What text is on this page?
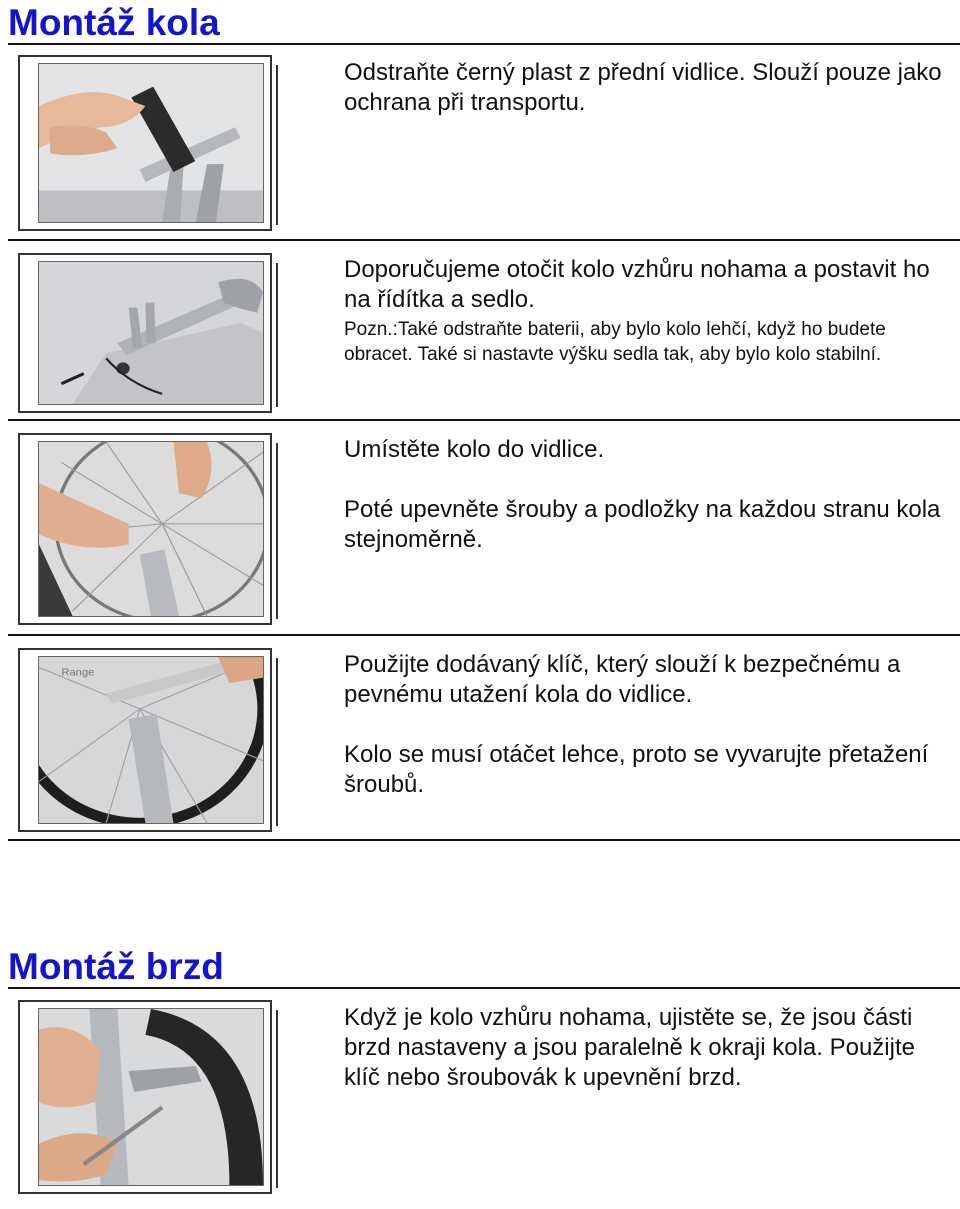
Montáž kola

Odstraňte černý plast z přední vidlice. Slouží pouze jako ochrana při transportu.

Doporučujeme otočit kolo vzhůru nohama a postavit ho na řídítka a sedlo.

Pozn.:Také odstraňte baterii, aby bylo kolo lehčí, když ho budete obracet. Také si nastavte výšku sedla tak, aby bylo kolo stabilní.

Umístěte kolo do vidlice.

Poté upevněte šrouby a podložky na každou stranu kola stejnoměrně.

Range	Použijte dodávaný klíč, který slouží k bezpečnému a pevnému utažení kola do vidlice.

Kolo se musí otáčet lehce, proto se vyvarujte přetažení šroubů.

Montáž brzd

Když je kolo vzhůru nohama, ujistěte se, že jsou části brzd nastaveny a jsou paralelně k okraji kola. Použijte klíč nebo šroubovák k upevnění brzd.
